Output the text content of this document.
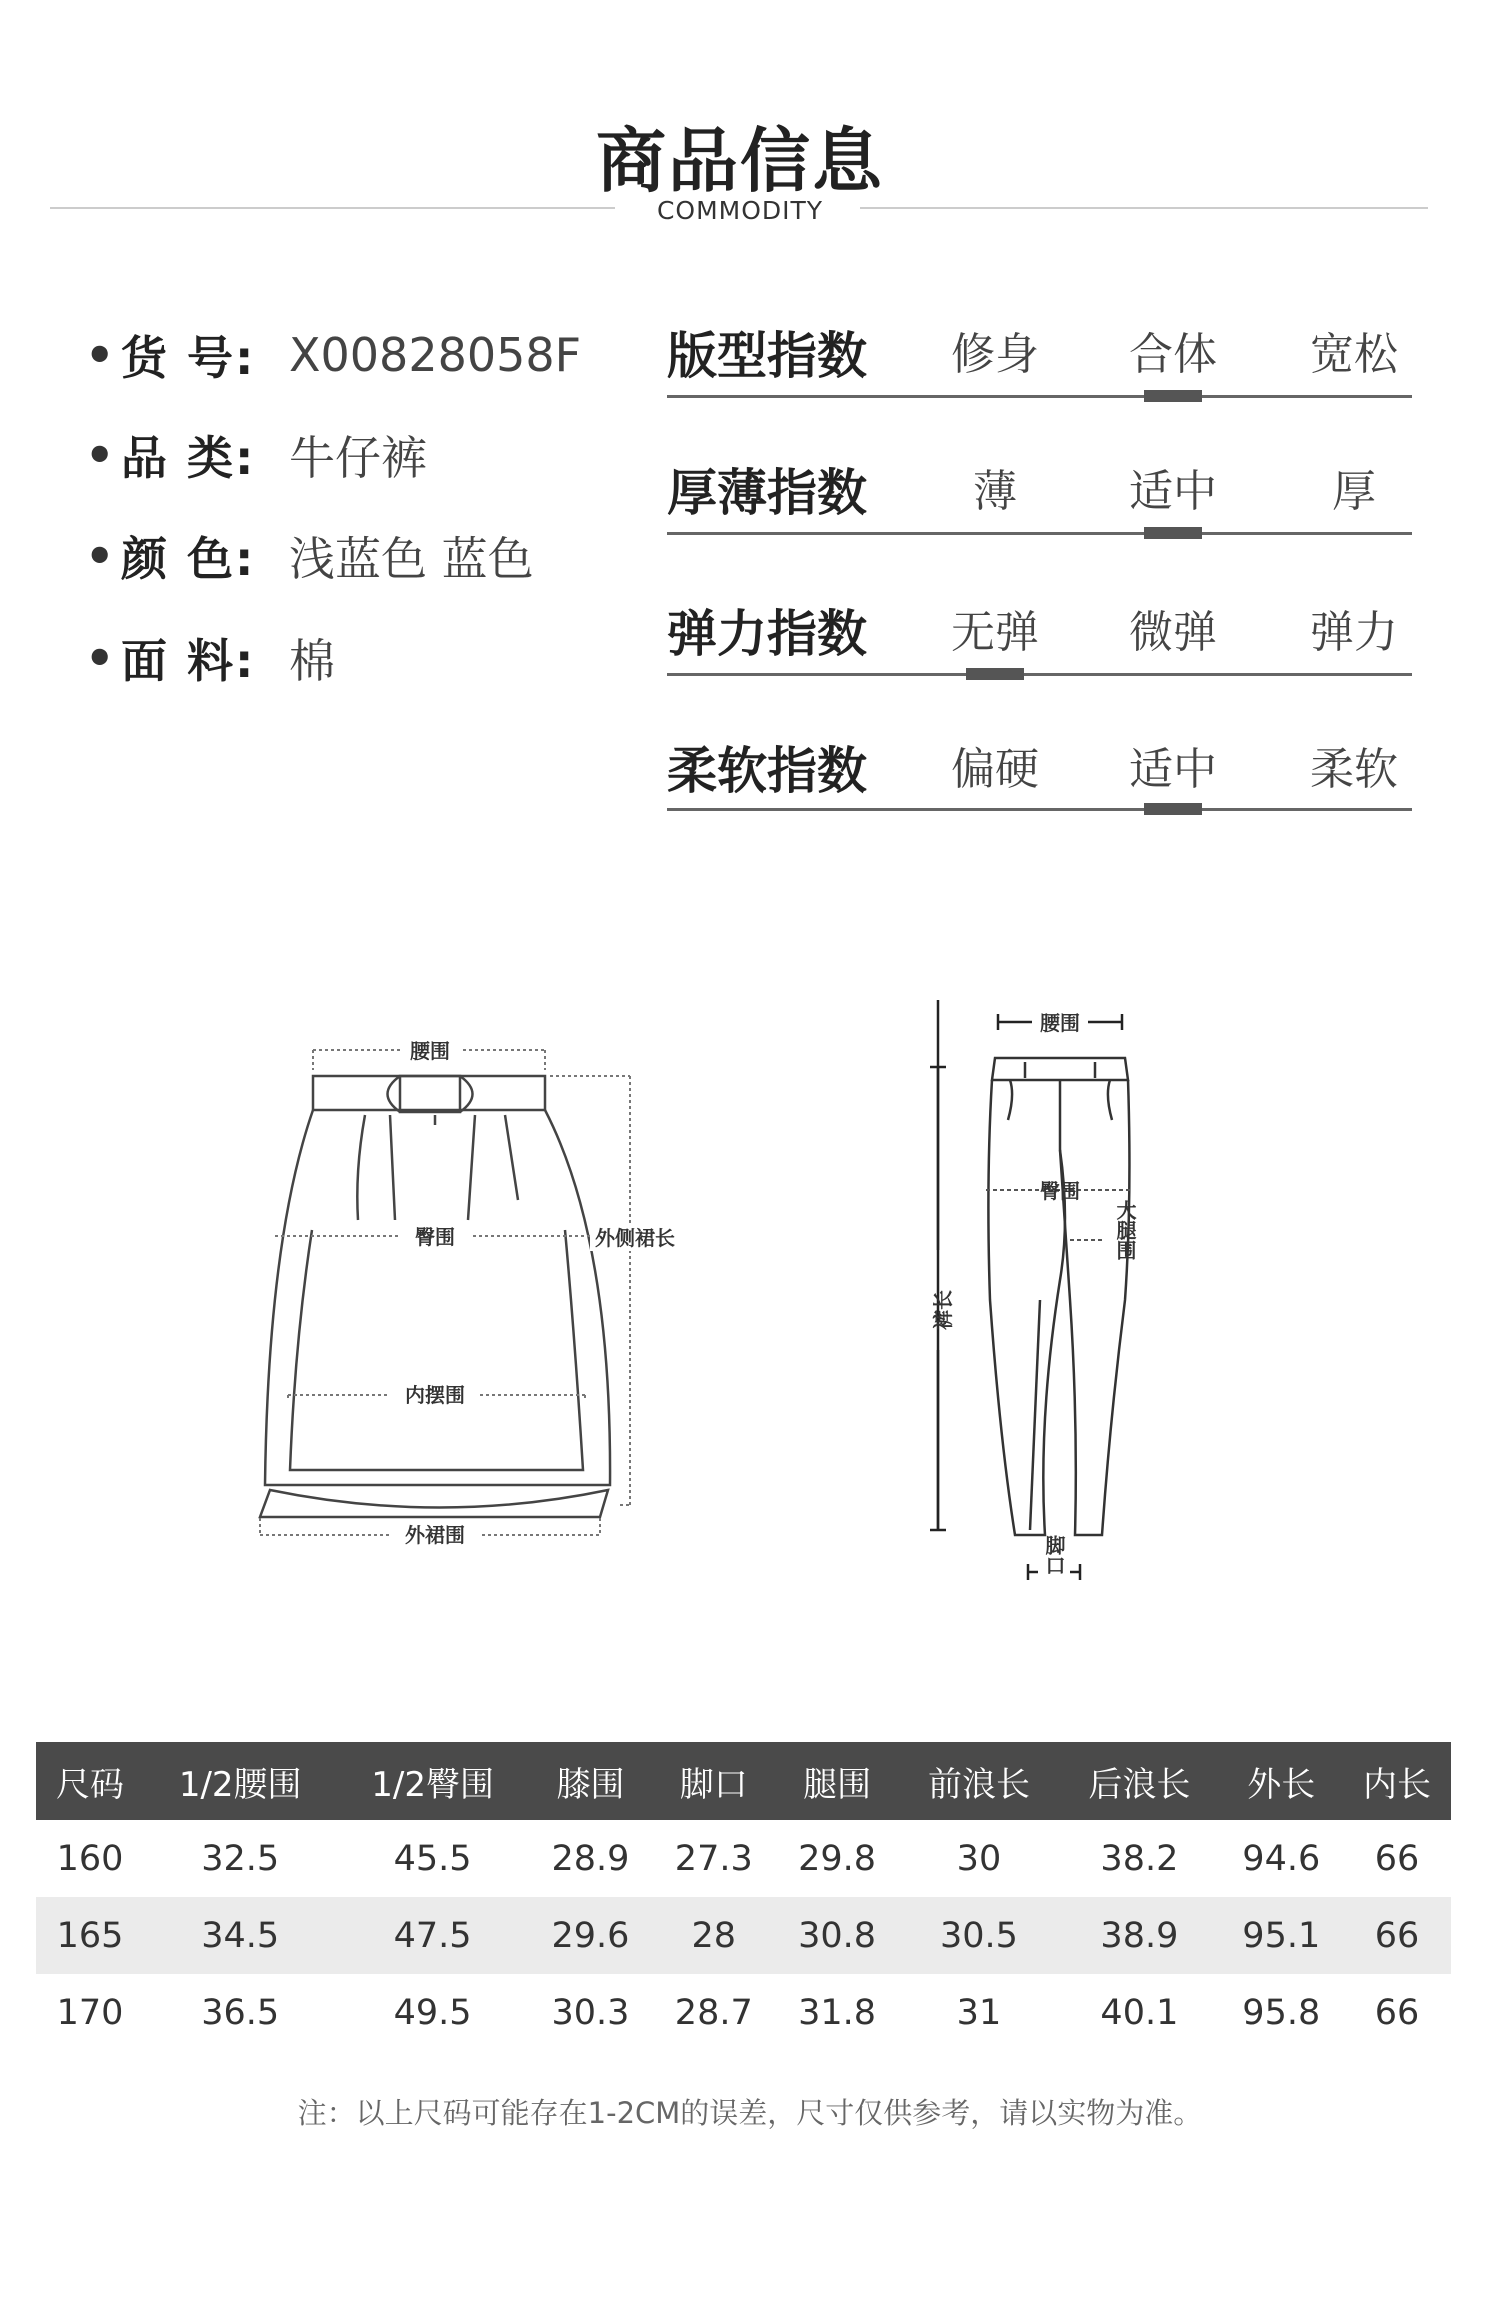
商品信息
COMMODITY
• 货 号: X00828058F
• 品 类: 牛仔裤
• 颜 色: 浅蓝色 蓝色
• 面 料: 棉
版型指数	修身	合体	宽松
厚薄指数	薄	适中	厚
弹力指数	无弹	微弹	弹力
柔软指数	偏硬	适中	柔软
腰围
臀围	外侧裙长
内摆围
外裙围
腰围
臀围
裤长
大腿围
脚口
尺码	1/2腰围	1/2臀围	膝围	脚口	腿围	前浪长	后浪长	外长	内长
160	32.5	45.5	28.9	27.3	29.8	30	38.2	94.6	66
165	34.5	47.5	29.6	28	30.8	30.5	38.9	95.1	66
170	36.5	49.5	30.3	28.7	31.8	31	40.1	95.8	66
注：以上尺码可能存在1-2CM的误差，尺寸仅供参考，请以实物为准。
